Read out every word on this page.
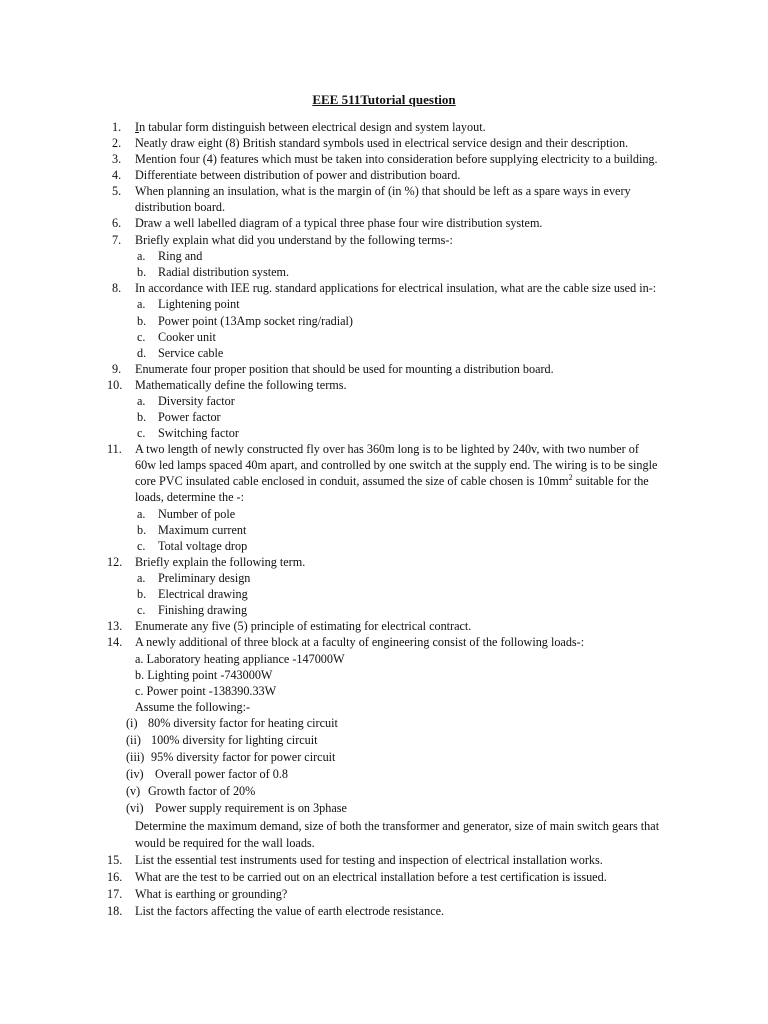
EEE 511Tutorial question
1. In tabular form distinguish between electrical design and system layout.
2. Neatly draw eight (8) British standard symbols used in electrical service design and their description.
3. Mention four (4) features which must be taken into consideration before supplying electricity to a building.
4. Differentiate between distribution of power and distribution board.
5. When planning an insulation, what is the margin of (in %) that should be left as a spare ways in every
distribution board.
6. Draw a well labelled diagram of a typical three phase four wire distribution system.
7. Briefly explain what did you understand by the following terms-:
a. Ring and
b. Radial distribution system.
8. In accordance with IEE rug. standard applications for electrical insulation, what are the cable size used in-:
a. Lightening point
b. Power point (13Amp socket ring/radial)
c. Cooker unit
d. Service cable
9. Enumerate four proper position that should be used for mounting a distribution board.
10. Mathematically define the following terms.
a. Diversity factor
b. Power factor
c. Switching factor
11. A two length of newly constructed fly over has 360m long is to be lighted by 240v, with two number of
60w led lamps spaced 40m apart, and controlled by one switch at the supply end. The wiring is to be single
core PVC insulated cable enclosed in conduit, assumed the size of cable chosen is $10mm^2$ suitable for the
loads, determine the -:
a. Number of pole
b. Maximum current
c. Total voltage drop
12. Briefly explain the following term.
a. Preliminary design
b. Electrical drawing
c. Finishing drawing
13. Enumerate any five (5) principle of estimating for electrical contract.
14. A newly additional of three block at a faculty of engineering consist of the following loads-:
a. Laboratory heating appliance -147000W
b. Lighting point -743000W
c. Power point -138390.33W
Assume the following:-
(i) 80% diversity factor for heating circuit
(ii) 100% diversity for lighting circuit
(iii) 95% diversity factor for power circuit
(iv) Overall power factor of 0.8
(v) Growth factor of 20%
(vi) Power supply requirement is on 3phase
Determine the maximum demand, size of both the transformer and generator, size of main switch gears that
would be required for the wall loads.
15. List the essential test instruments used for testing and inspection of electrical installation works.
16. What are the test to be carried out on an electrical installation before a test certification is issued.
17. What is earthing or grounding?
18. List the factors affecting the value of earth electrode resistance.
